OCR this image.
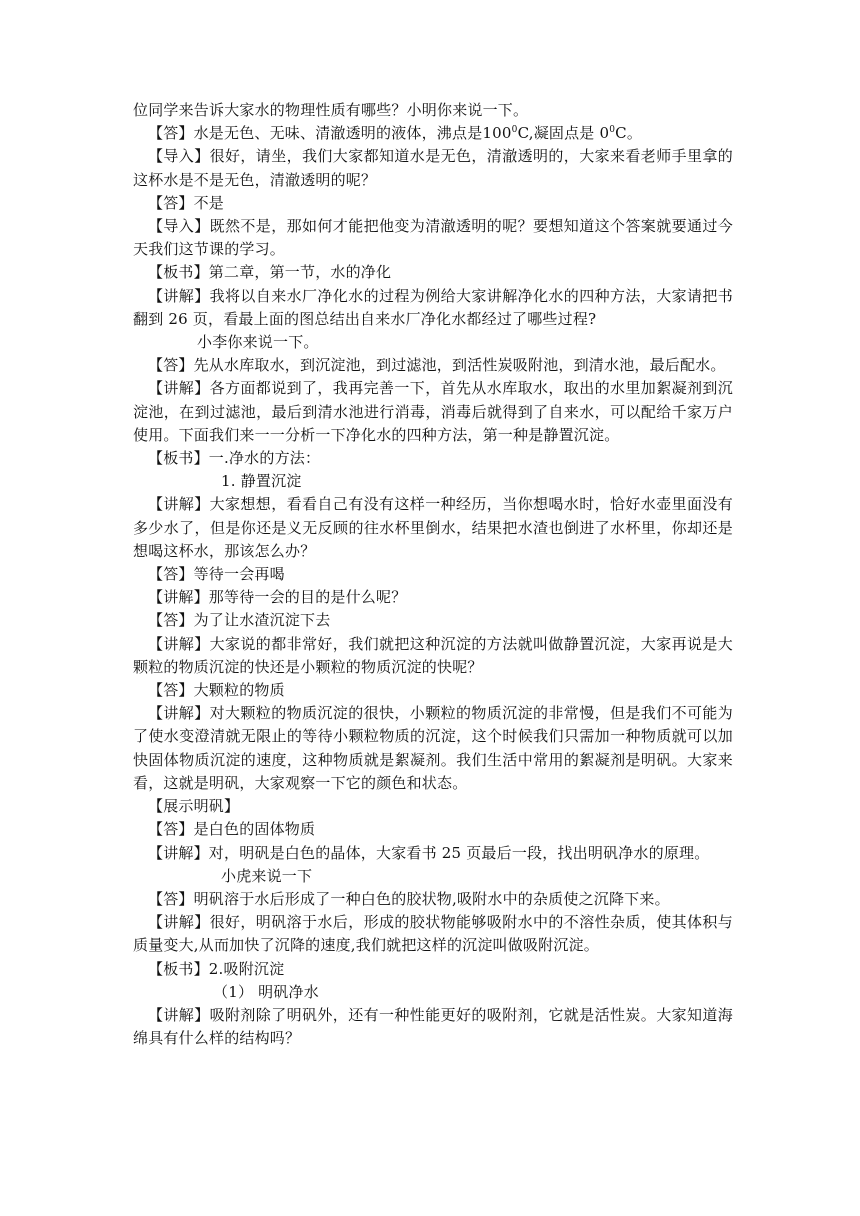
位同学来告诉大家水的物理性质有哪些？小明你来说一下。

【答】水是无色、无味、清澈透明的液体，沸点是$100^0C$,凝固点是 $0^0C$。

【导入】很好，请坐，我们大家都知道水是无色，清澈透明的，大家来看老师手里拿的这杯水是不是无色，清澈透明的呢？

【答】不是

【导入】既然不是，那如何才能把他变为清澈透明的呢？要想知道这个答案就要通过今天我们这节课的学习。

【板书】第二章，第一节，水的净化

【讲解】我将以自来水厂净化水的过程为例给大家讲解净化水的四种方法，大家请把书翻到 26 页，看最上面的图总结出自来水厂净化水都经过了哪些过程?

小李你来说一下。

【答】先从水库取水，到沉淀池，到过滤池，到活性炭吸附池，到清水池，最后配水。

【讲解】各方面都说到了，我再完善一下，首先从水库取水，取出的水里加絮凝剂到沉淀池，在到过滤池，最后到清水池进行消毒，消毒后就得到了自来水，可以配给千家万户使用。下面我们来一一分析一下净化水的四种方法，第一种是静置沉淀。

【板书】一.净水的方法：

1. 静置沉淀

【讲解】大家想想，看看自己有没有这样一种经历，当你想喝水时，恰好水壶里面没有多少水了，但是你还是义无反顾的往水杯里倒水，结果把水渣也倒进了水杯里，你却还是想喝这杯水，那该怎么办？

【答】等待一会再喝

【讲解】那等待一会的目的是什么呢？

【答】为了让水渣沉淀下去

【讲解】大家说的都非常好，我们就把这种沉淀的方法就叫做静置沉淀，大家再说是大颗粒的物质沉淀的快还是小颗粒的物质沉淀的快呢？

【答】大颗粒的物质

【讲解】对大颗粒的物质沉淀的很快，小颗粒的物质沉淀的非常慢，但是我们不可能为了使水变澄清就无限止的等待小颗粒物质的沉淀，这个时候我们只需加一种物质就可以加快固体物质沉淀的速度，这种物质就是絮凝剂。我们生活中常用的絮凝剂是明矾。大家来看，这就是明矾，大家观察一下它的颜色和状态。

【展示明矾】

【答】是白色的固体物质

【讲解】对，明矾是白色的晶体，大家看书 25 页最后一段，找出明矾净水的原理。

小虎来说一下

【答】明矾溶于水后形成了一种白色的胶状物,吸附水中的杂质使之沉降下来。

【讲解】很好，明矾溶于水后，形成的胶状物能够吸附水中的不溶性杂质，使其体积与质量变大,从而加快了沉降的速度,我们就把这样的沉淀叫做吸附沉淀。

【板书】2.吸附沉淀

（1） 明矾净水

【讲解】吸附剂除了明矾外，还有一种性能更好的吸附剂，它就是活性炭。大家知道海绵具有什么样的结构吗？
